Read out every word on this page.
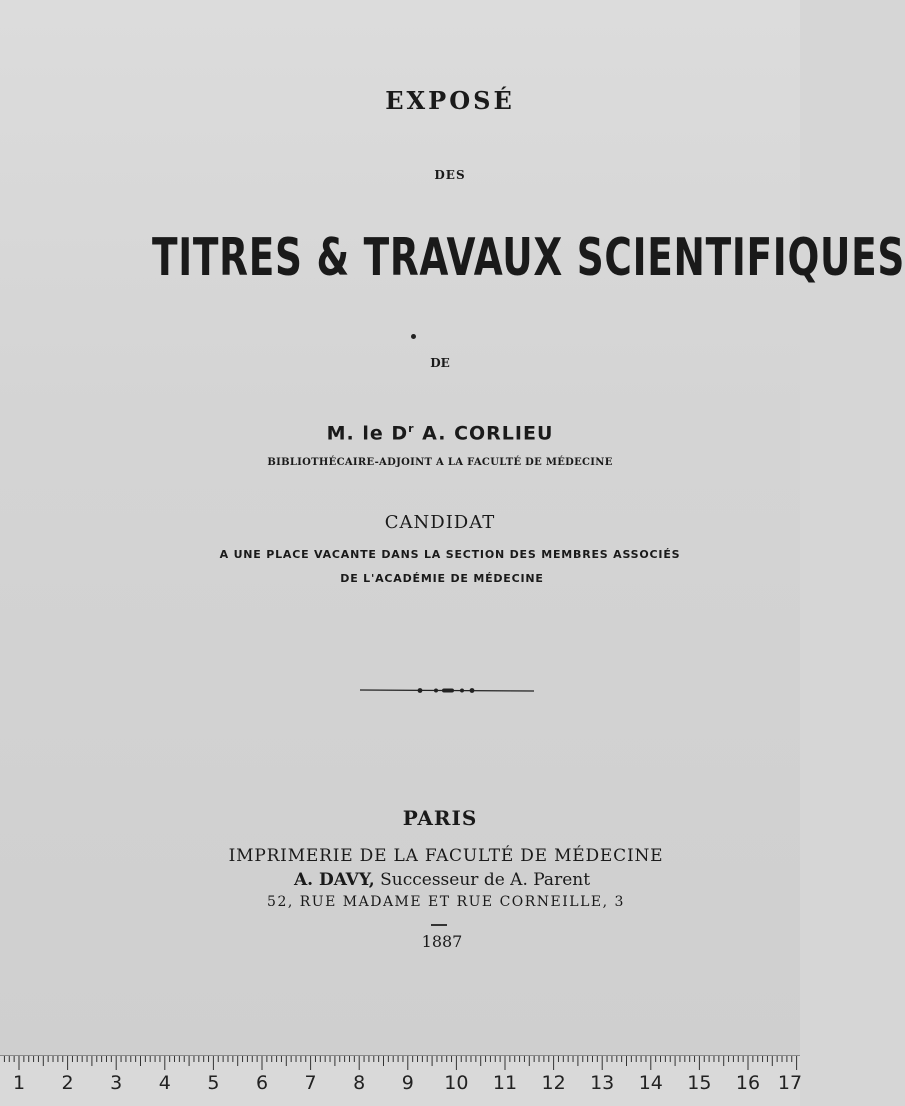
EXPOSÉ
DES
TITRES & TRAVAUX SCIENTIFIQUES
DE
M. le $D^r$ A. CORLIEU
BIBLIOTHÉCAIRE-ADJOINT A LA FACULTÉ DE MÉDECINE
CANDIDAT
A UNE PLACE VACANTE DANS LA SECTION DES MEMBRES ASSOCIÉS
DE L'ACADÉMIE DE MÉDECINE
PARIS
IMPRIMERIE DE LA FACULTÉ DE MÉDECINE
A. DAVY, Successeur de A. Parent
52, RUE MADAME ET RUE CORNEILLE, 3
1887
1 2 3 4 5 6 7 8 9 10 11 12 13 14 15 16 17
